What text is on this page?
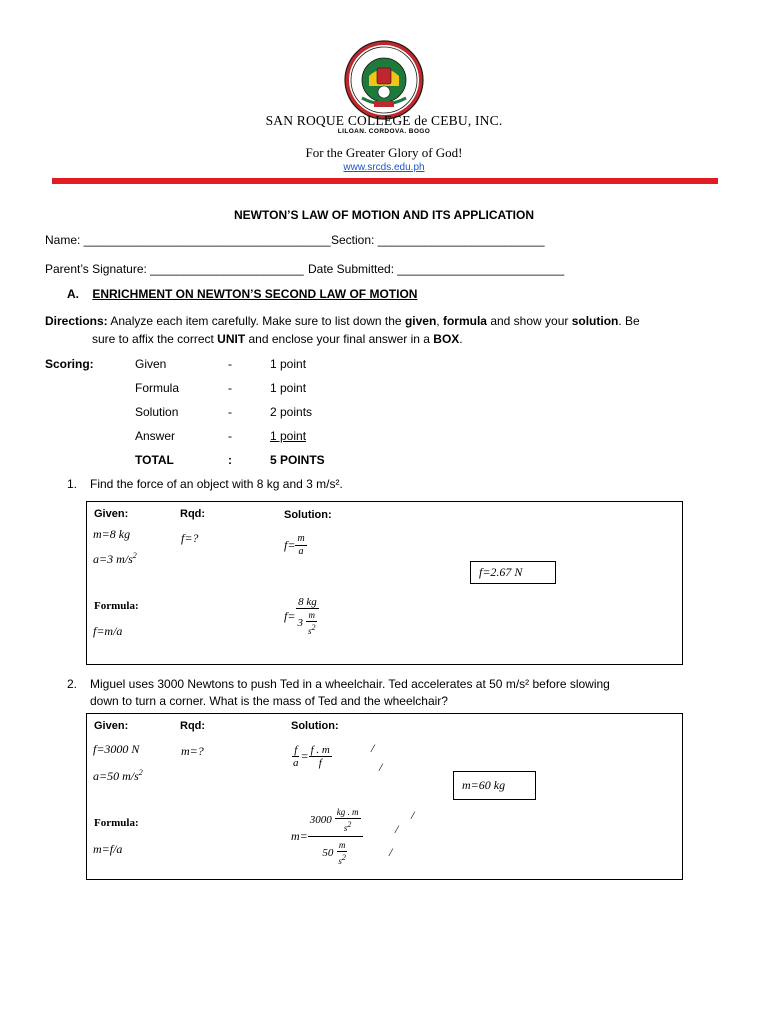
SAN ROQUE COLLEGE de CEBU, INC.
LILOAN. CORDOVA. BOGO
For the Greater Glory of God!
www.srcds.edu.ph
NEWTON’S LAW OF MOTION AND ITS APPLICATION
Name: _____________________________________ Section: _________________________
Parent’s Signature: _______________________ Date Submitted: _________________________
A. ENRICHMENT ON NEWTON’S SECOND LAW OF MOTION
Directions: Analyze each item carefully. Make sure to list down the given, formula and show your solution. Be
sure to affix the correct UNIT and enclose your final answer in a BOX.
Scoring:	Given	-	1 point
Formula	-	1 point
Solution	-	2 points
Answer	-	1 point
TOTAL	:	5 POINTS
1. Find the force of an object with 8 kg and 3 m/s².
Given:	Rqd:	Solution:
m=8 kg
a=3 $m/s^2$
f=?
Formula:
f=m/a
$f= \frac{m}{a}$
$f= \frac{8 kg}{3 \frac{m}{s^2}}$
f=2.67 N
2. Miguel uses 3000 Newtons to push Ted in a wheelchair. Ted accelerates at 50 m/s² before slowing
down to turn a corner. What is the mass of Ted and the wheelchair?
Given:	Rqd:	Solution:
f=3000 N
a=50 $m/s^2$
m=?
Formula:
m=f/a
$\frac{f}{a} = \frac{f . m}{f}$	/
/
$m= \frac{3000 \frac{kg . m}{s^2}}{50 \frac{m}{s^2}}$	/
/
/
m=60 kg
